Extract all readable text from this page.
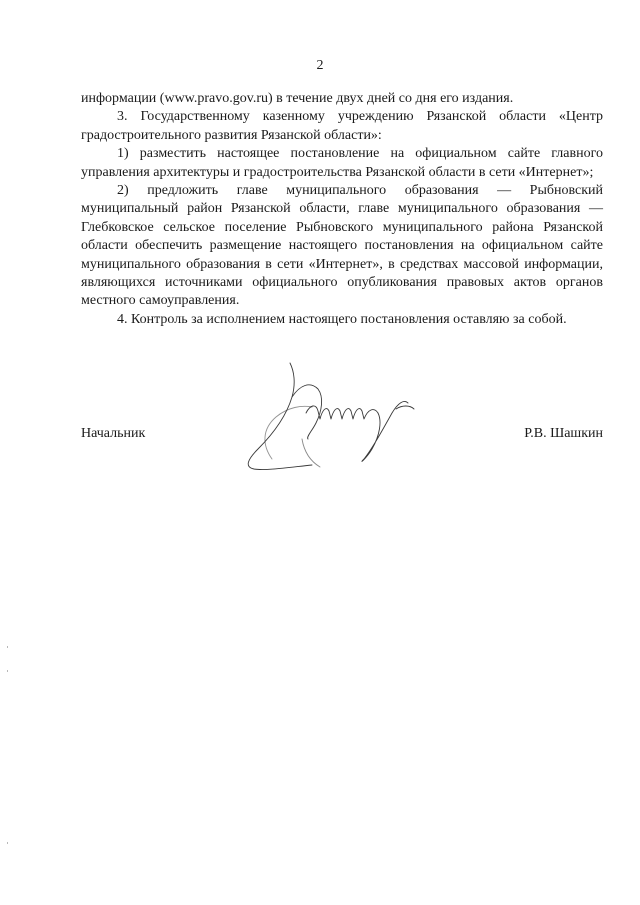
2

информации (www.pravo.gov.ru) в течение двух дней со дня его издания.

3. Государственному казенному учреждению Рязанской области «Центр градостроительного развития Рязанской области»:

1) разместить настоящее постановление на официальном сайте главного управления архитектуры и градостроительства Рязанской области в сети «Интернет»;

2) предложить главе муниципального образования — Рыбновский муниципальный район Рязанской области, главе муниципального образования — Глебковское сельское поселение Рыбновского муниципального района Рязанской области обеспечить размещение настоящего постановления на официальном сайте муниципального образования в сети «Интернет», в средствах массовой информации, являющихся источниками официального опубликования правовых актов органов местного самоуправления.

4. Контроль за исполнением настоящего постановления оставляю за собой.

Начальник	Р.В. Шашкин
